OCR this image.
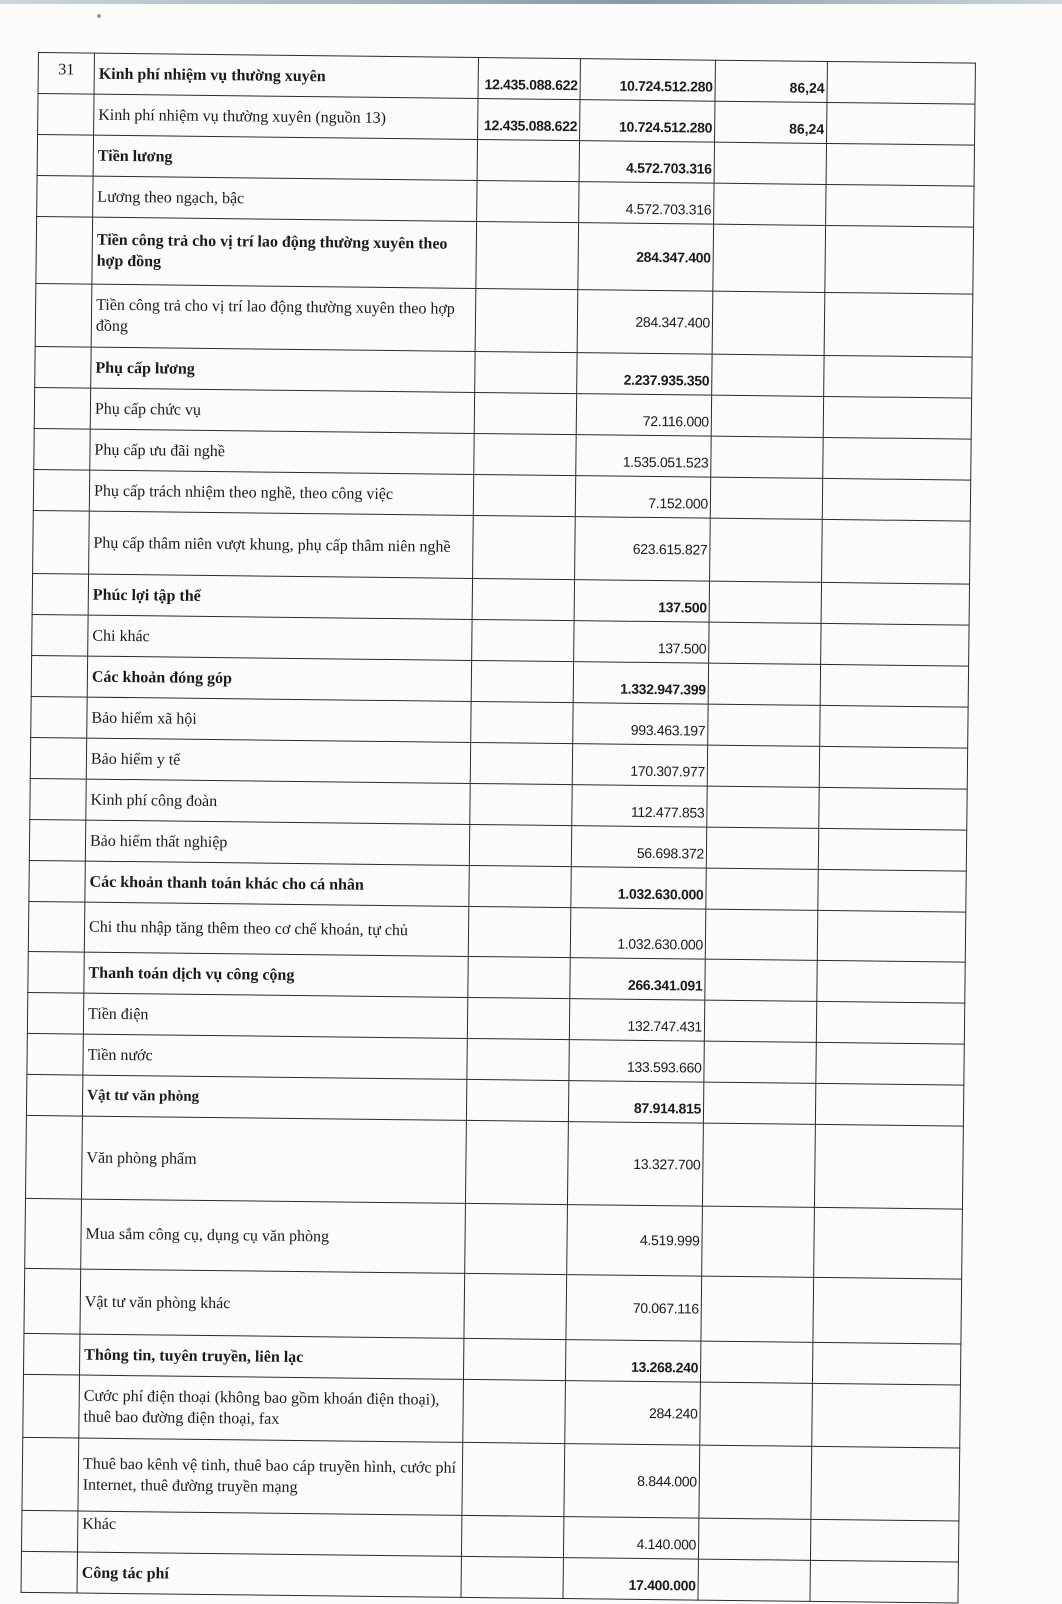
31	Kinh phí nhiệm vụ thường xuyên	12.435.088.622	10.724.512.280	86,24	
	Kinh phí nhiệm vụ thường xuyên (nguồn 13)	12.435.088.622	10.724.512.280	86,24	
	Tiền lương		4.572.703.316		
	Lương theo ngạch, bậc		4.572.703.316		
	Tiền công trả cho vị trí lao động thường xuyên theo hợp đồng		284.347.400		
	Tiền công trả cho vị trí lao động thường xuyên theo hợp đồng		284.347.400		
	Phụ cấp lương		2.237.935.350		
	Phụ cấp chức vụ		72.116.000		
	Phụ cấp ưu đãi nghề		1.535.051.523		
	Phụ cấp trách nhiệm theo nghề, theo công việc		7.152.000		
	Phụ cấp thâm niên vượt khung, phụ cấp thâm niên nghề		623.615.827		
	Phúc lợi tập thể		137.500		
	Chi khác		137.500		
	Các khoản đóng góp		1.332.947.399		
	Bảo hiểm xã hội		993.463.197		
	Bảo hiểm y tế		170.307.977		
	Kinh phí công đoàn		112.477.853		
	Bảo hiểm thất nghiệp		56.698.372		
	Các khoản thanh toán khác cho cá nhân		1.032.630.000		
	Chi thu nhập tăng thêm theo cơ chế khoán, tự chủ		1.032.630.000		
	Thanh toán dịch vụ công cộng		266.341.091		
	Tiền điện		132.747.431		
	Tiền nước		133.593.660		
	Vật tư văn phòng		87.914.815		
	Văn phòng phẩm		13.327.700		
	Mua sắm công cụ, dụng cụ văn phòng		4.519.999		
	Vật tư văn phòng khác		70.067.116		
	Thông tin, tuyên truyền, liên lạc		13.268.240		
	Cước phí điện thoại (không bao gồm khoán điện thoại), thuê bao đường điện thoại, fax		284.240		
	Thuê bao kênh vệ tinh, thuê bao cáp truyền hình, cước phí Internet, thuê đường truyền mạng		8.844.000		
	Khác		4.140.000		
	Công tác phí		17.400.000		
